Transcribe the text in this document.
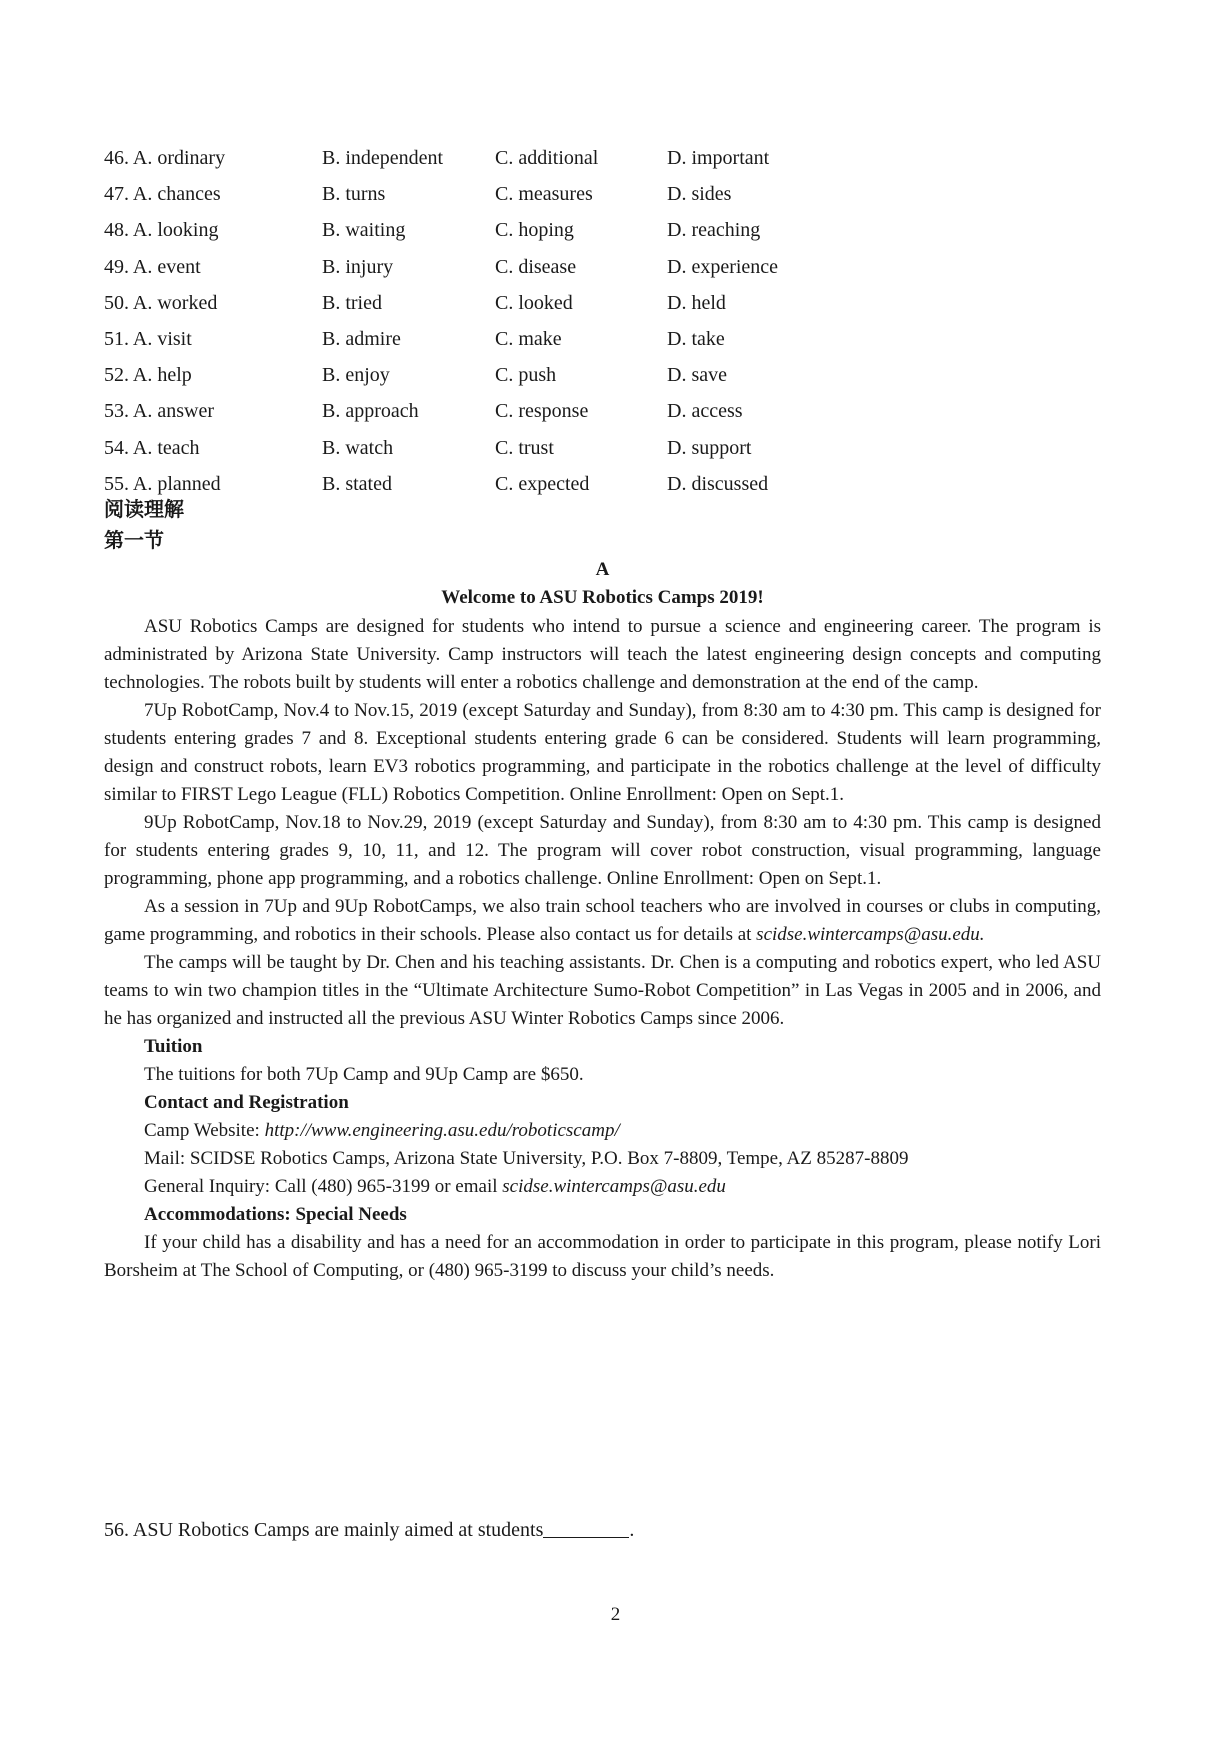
46. A. ordinary	B. independent	C. additional	D. important
47. A. chances	B. turns	C. measures	D. sides
48. A. looking	B. waiting	C. hoping	D. reaching
49. A. event	B. injury	C. disease	D. experience
50. A. worked	B. tried	C. looked	D. held
51. A. visit	B. admire	C. make	D. take
52. A. help	B. enjoy	C. push	D. save
53. A. answer	B. approach	C. response	D. access
54. A. teach	B. watch	C. trust	D. support
55. A. planned	B. stated	C. expected	D. discussed
阅读理解
第一节
A
Welcome to ASU Robotics Camps 2019!

ASU Robotics Camps are designed for students who intend to pursue a science and engineering career. The program is administrated by Arizona State University. Camp instructors will teach the latest engineering design concepts and computing technologies. The robots built by students will enter a robotics challenge and demonstration at the end of the camp.

7Up RobotCamp, Nov.4 to Nov.15, 2019 (except Saturday and Sunday), from 8:30 am to 4:30 pm. This camp is designed for students entering grades 7 and 8. Exceptional students entering grade 6 can be considered. Students will learn programming, design and construct robots, learn EV3 robotics programming, and participate in the robotics challenge at the level of difficulty similar to FIRST Lego League (FLL) Robotics Competition. Online Enrollment: Open on Sept.1.

9Up RobotCamp, Nov.18 to Nov.29, 2019 (except Saturday and Sunday), from 8:30 am to 4:30 pm. This camp is designed for students entering grades 9, 10, 11, and 12. The program will cover robot construction, visual programming, language programming, phone app programming, and a robotics challenge. Online Enrollment: Open on Sept.1.

As a session in 7Up and 9Up RobotCamps, we also train school teachers who are involved in courses or clubs in computing, game programming, and robotics in their schools. Please also contact us for details at scidse.wintercamps@asu.edu.

The camps will be taught by Dr. Chen and his teaching assistants. Dr. Chen is a computing and robotics expert, who led ASU teams to win two champion titles in the “Ultimate Architecture Sumo-Robot Competition” in Las Vegas in 2005 and in 2006, and he has organized and instructed all the previous ASU Winter Robotics Camps since 2006.

Tuition
The tuitions for both 7Up Camp and 9Up Camp are $650.
Contact and Registration
Camp Website: http://www.engineering.asu.edu/roboticscamp/
Mail: SCIDSE Robotics Camps, Arizona State University, P.O. Box 7-8809, Tempe, AZ 85287-8809
General Inquiry: Call (480) 965-3199 or email scidse.wintercamps@asu.edu
Accommodations: Special Needs

If your child has a disability and has a need for an accommodation in order to participate in this program, please notify Lori Borsheim at The School of Computing, or (480) 965-3199 to discuss your child’s needs.

56. ASU Robotics Camps are mainly aimed at students	.
2
